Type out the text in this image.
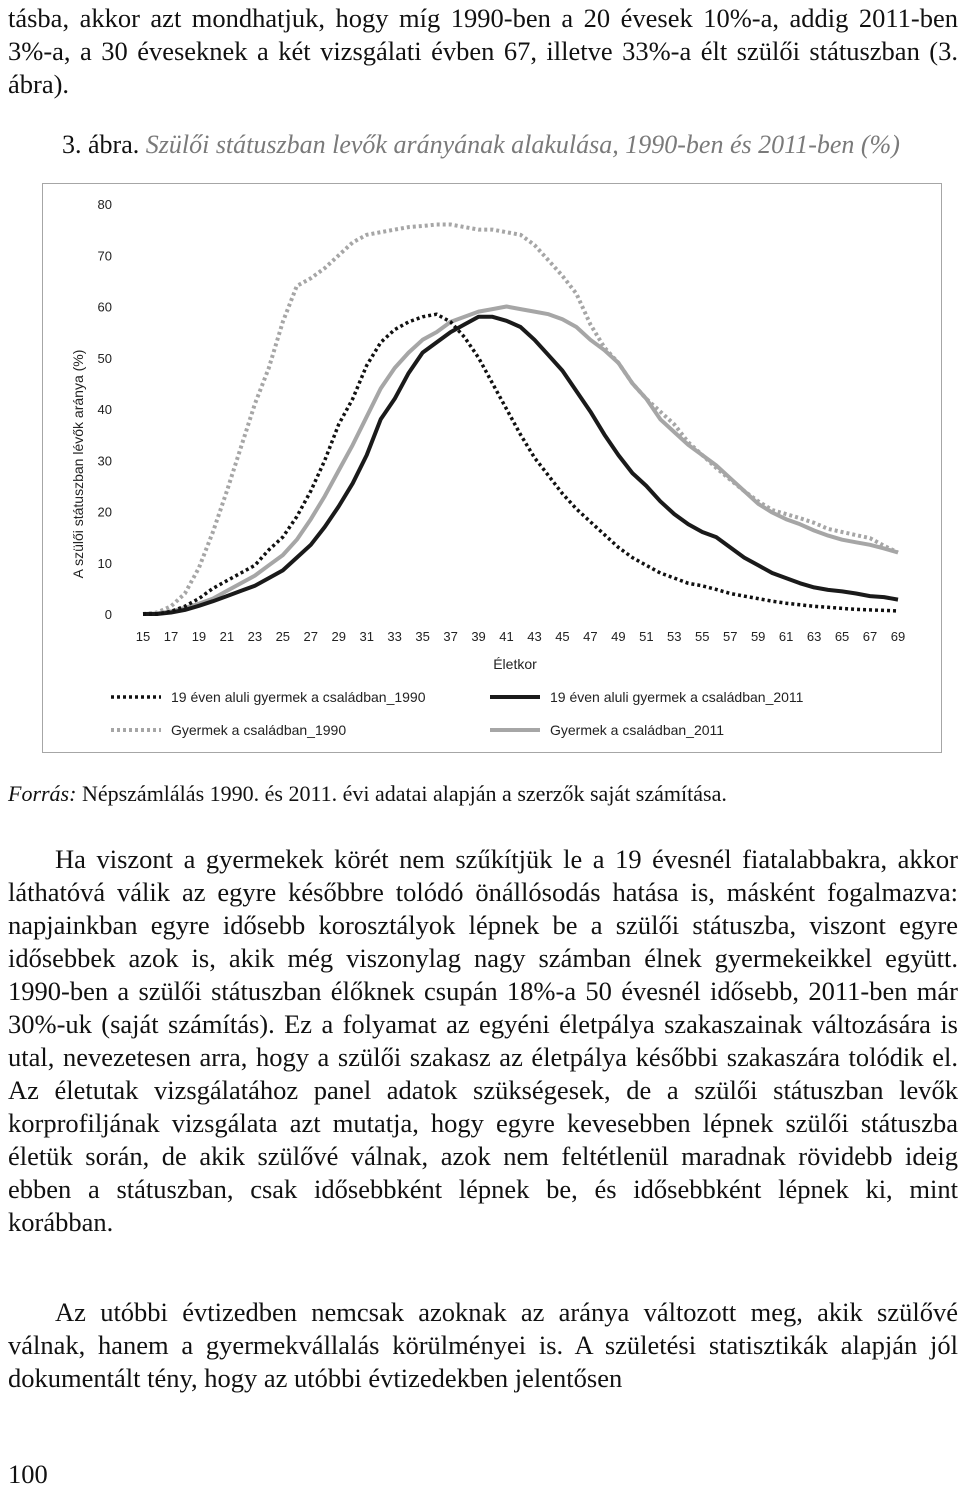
tásba, akkor azt mondhatjuk, hogy míg 1990-ben a 20 évesek 10%-a, addig 2011-ben 3%-a, a 30 éveseknek a két vizsgálati évben 67, illetve 33%-a élt szülői státuszban (3. ábra).

3. ábra. Szülői státuszban levők arányának alakulása, 1990-ben és 2011-ben (%)
0
10
20
30
40
50
60
70
80
15 17 19 21 23 25 27 29 31 33 35 37 39 41 43 45 47 49 51 53 55 57 59 61 63 65 67 69
A szülői státuszban lévők aránya (%)
Életkor
19 éven aluli gyermek a családban_1990	19 éven aluli gyermek a családban_2011
Gyermek a családban_1990	Gyermek a családban_2011
Forrás: Népszámlálás 1990. és 2011. évi adatai alapján a szerzők saját számítása.

Ha viszont a gyermekek körét nem szűkítjük le a 19 évesnél fiatalabbakra, akkor láthatóvá válik az egyre későbbre tolódó önállósodás hatása is, másként fogalmazva: napjainkban egyre idősebb korosztályok lépnek be a szülői státuszba, viszont egyre idősebbek azok is, akik még viszonylag nagy számban élnek gyermekeikkel együtt. 1990-ben a szülői státuszban élőknek csupán 18%-a 50 évesnél idősebb, 2011-ben már 30%-uk (saját számítás). Ez a folyamat az egyéni életpálya szakaszainak változására is utal, nevezetesen arra, hogy a szülői szakasz az életpálya későbbi szakaszára tolódik el. Az életutak vizsgálatához panel adatok szükségesek, de a szülői státuszban levők korprofiljának vizsgálata azt mutatja, hogy egyre kevesebben lépnek szülői státuszba életük során, de akik szülővé válnak, azok nem feltétlenül maradnak rövidebb ideig ebben a státuszban, csak idősebbként lépnek be, és idősebbként lépnek ki, mint korábban.

Az utóbbi évtizedben nemcsak azoknak az aránya változott meg, akik szülővé válnak, hanem a gyermekvállalás körülményei is. A születési statisztikák alapján jól dokumentált tény, hogy az utóbbi évtizedekben jelentősen

100
